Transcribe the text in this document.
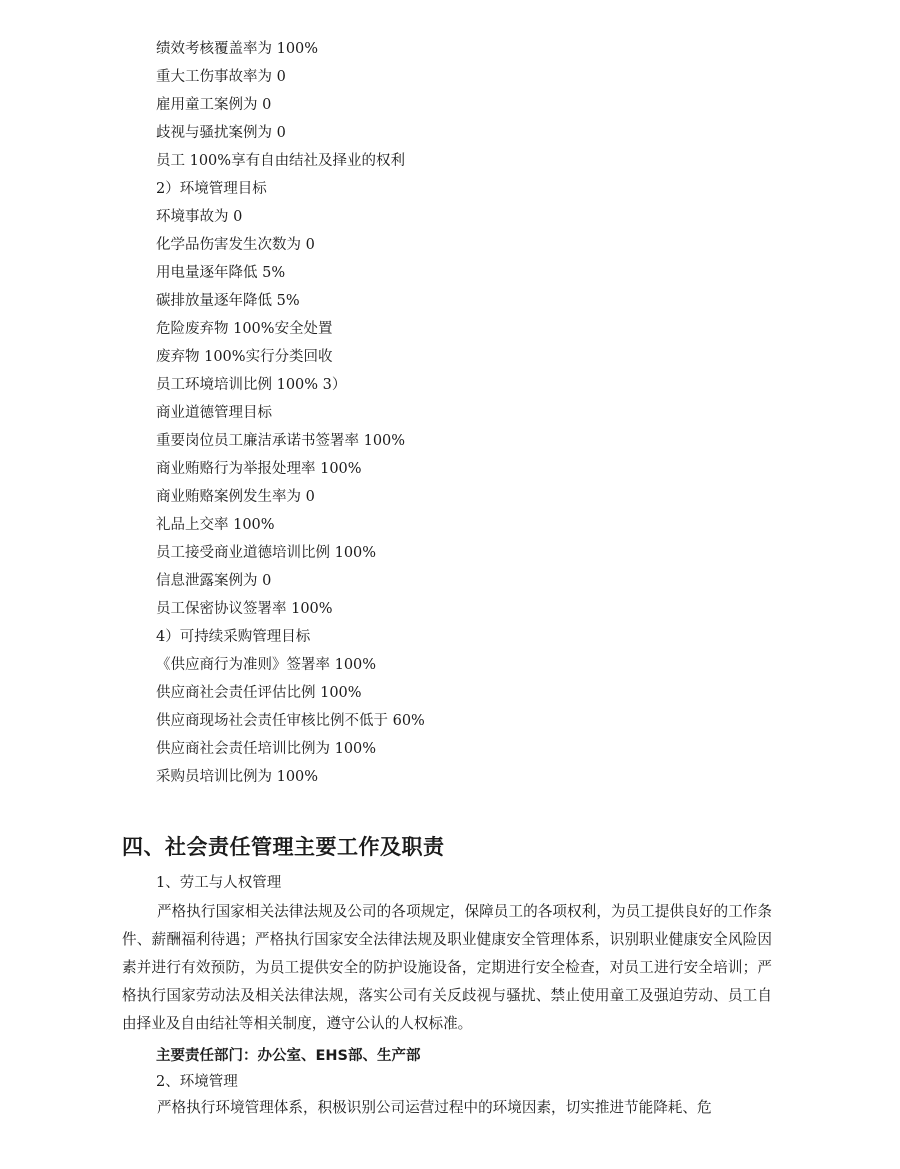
绩效考核覆盖率为 100%
重大工伤事故率为 0
雇用童工案例为 0
歧视与骚扰案例为 0
员工 100%享有自由结社及择业的权利
2）环境管理目标
环境事故为 0
化学品伤害发生次数为 0
用电量逐年降低 5%
碳排放量逐年降低 5%
危险废弃物 100%安全处置
废弃物 100%实行分类回收
员工环境培训比例 100% 3）
商业道德管理目标
重要岗位员工廉洁承诺书签署率 100%
商业贿赂行为举报处理率 100%
商业贿赂案例发生率为 0
礼品上交率 100%
员工接受商业道德培训比例 100%
信息泄露案例为 0
员工保密协议签署率 100%
4）可持续采购管理目标
《供应商行为准则》签署率 100%
供应商社会责任评估比例 100%
供应商现场社会责任审核比例不低于 60%
供应商社会责任培训比例为 100%
采购员培训比例为 100%
四、社会责任管理主要工作及职责
1、劳工与人权管理
严格执行国家相关法律法规及公司的各项规定，保障员工的各项权利，为员工提供良好的工作条件、薪酬福利待遇；严格执行国家安全法律法规及职业健康安全管理体系，识别职业健康安全风险因素并进行有效预防，为员工提供安全的防护设施设备，定期进行安全检查，对员工进行安全培训；严格执行国家劳动法及相关法律法规，落实公司有关反歧视与骚扰、禁止使用童工及强迫劳动、员工自由择业及自由结社等相关制度，遵守公认的人权标准。
主要责任部门：办公室、EHS部、生产部
2、环境管理
严格执行环境管理体系，积极识别公司运营过程中的环境因素，切实推进节能降耗、危
